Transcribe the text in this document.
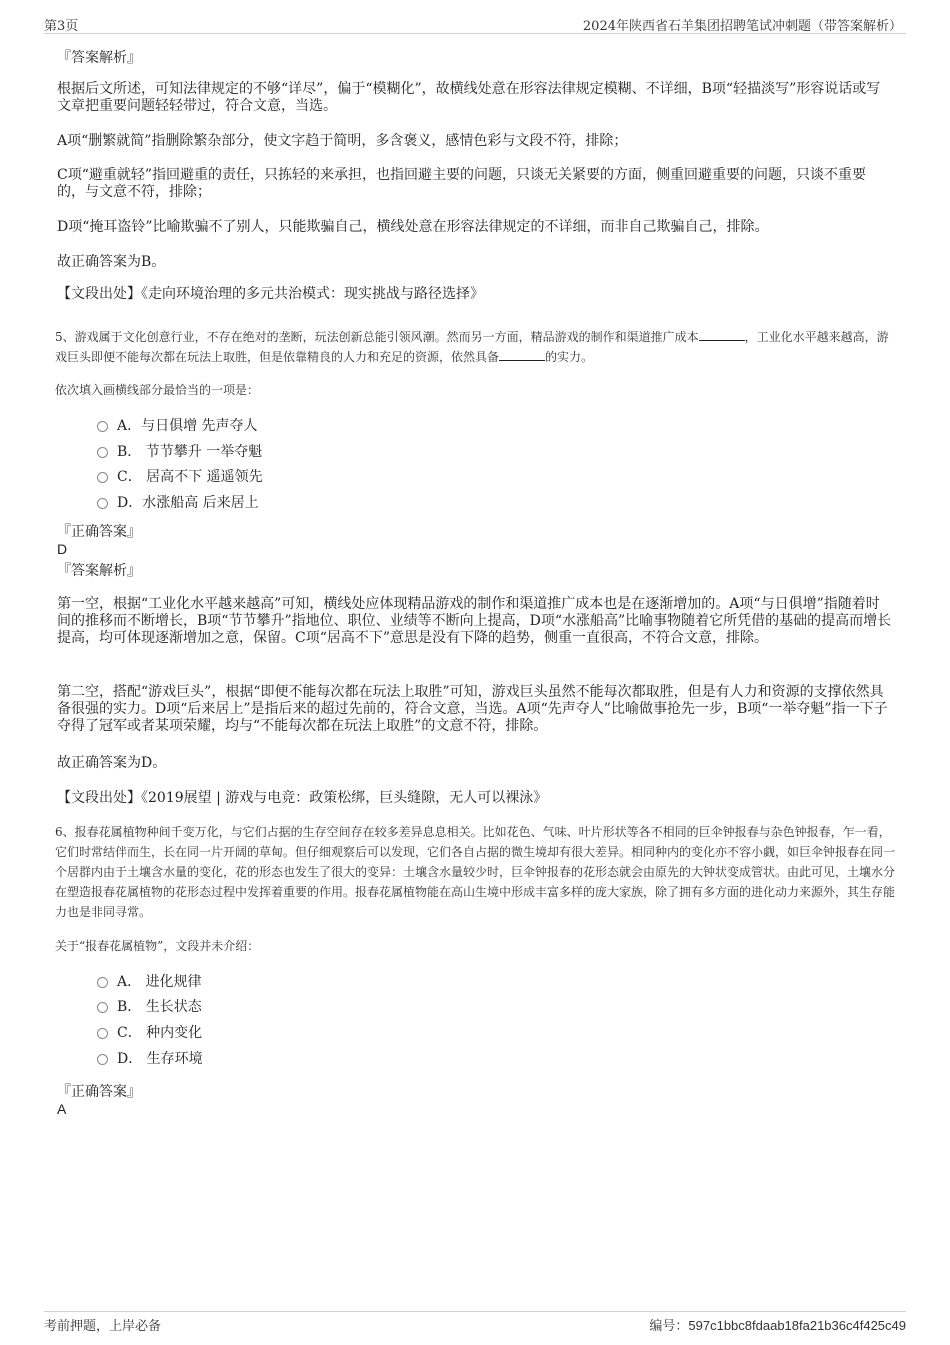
第3页	2024年陕西省石羊集团招聘笔试冲刺题（带答案解析）
『答案解析』

根据后文所述，可知法律规定的不够“详尽”，偏于“模糊化”，故横线处意在形容法律规定模糊、不详细，B项“轻描淡写”形容说话或写文章把重要问题轻轻带过，符合文意，当选。

A项“删繁就简”指删除繁杂部分，使文字趋于简明，多含褒义，感情色彩与文段不符，排除；

C项“避重就轻”指回避重的责任，只拣轻的来承担，也指回避主要的问题，只谈无关紧要的方面，侧重回避重要的问题，只谈不重要的，与文意不符，排除；

D项“掩耳盗铃”比喻欺骗不了别人，只能欺骗自己，横线处意在形容法律规定的不详细，而非自己欺骗自己，排除。

故正确答案为B。

【文段出处】《走向环境治理的多元共治模式：现实挑战与路径选择》

5、游戏属于文化创意行业，不存在绝对的垄断，玩法创新总能引领风潮。然而另一方面，精品游戏的制作和渠道推广成本	，工业化水平越来越高，游戏巨头即便不能每次都在玩法上取胜，但是依靠精良的人力和充足的资源，依然具备	的实力。

依次填入画横线部分最恰当的一项是：

A．与日俱增 先声夺人
B． 节节攀升 一举夺魁
C． 居高不下 遥遥领先
D．水涨船高 后来居上
『正确答案』
D
『答案解析』

第一空，根据“工业化水平越来越高”可知，横线处应体现精品游戏的制作和渠道推广成本也是在逐渐增加的。A项“与日俱增”指随着时间的推移而不断增长，B项“节节攀升”指地位、职位、业绩等不断向上提高，D项“水涨船高”比喻事物随着它所凭借的基础的提高而增长提高，均可体现逐渐增加之意，保留。C项“居高不下”意思是没有下降的趋势，侧重一直很高，不符合文意，排除。

第二空，搭配“游戏巨头”，根据“即便不能每次都在玩法上取胜”可知，游戏巨头虽然不能每次都取胜，但是有人力和资源的支撑依然具备很强的实力。D项“后来居上”是指后来的超过先前的，符合文意，当选。A项“先声夺人”比喻做事抢先一步，B项“一举夺魁”指一下子夺得了冠军或者某项荣耀，均与“不能每次都在玩法上取胜”的文意不符，排除。

故正确答案为D。

【文段出处】《2019展望 | 游戏与电竞：政策松绑，巨头缝隙，无人可以裸泳》

6、报春花属植物种间千变万化，与它们占据的生存空间存在较多差异息息相关。比如花色、气味、叶片形状等各不相同的巨伞钟报春与杂色钟报春，乍一看，它们时常结伴而生，长在同一片开阔的草甸。但仔细观察后可以发现，它们各自占据的微生境却有很大差异。相同种内的变化亦不容小觑，如巨伞钟报春在同一个居群内由于土壤含水量的变化，花的形态也发生了很大的变异：土壤含水量较少时，巨伞钟报春的花形态就会由原先的大钟状变成管状。由此可见，土壤水分在塑造报春花属植物的花形态过程中发挥着重要的作用。报春花属植物能在高山生境中形成丰富多样的庞大家族，除了拥有多方面的进化动力来源外，其生存能力也是非同寻常。

关于“报春花属植物”，文段并未介绍：

A． 进化规律
B． 生长状态
C． 种内变化
D． 生存环境
『正确答案』
A
考前押题，上岸必备	编号：597c1bbc8fdaab18fa21b36c4f425c49
